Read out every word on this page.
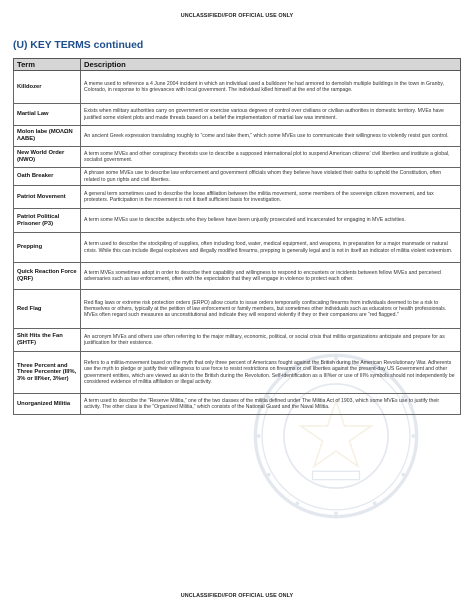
UNCLASSIFIED//FOR OFFICIAL USE ONLY
(U) KEY TERMS continued
Term	Description
Killdozer	A meme used to reference a 4 June 2004 incident in which an individual used a bulldozer he had armored to demolish multiple buildings in the town in Granby, Colorado, in response to his grievances with local government. The individual killed himself at the end of the rampage.
Martial Law	Exists when military authorities carry on government or exercise various degrees of control over civilians or civilian authorities in domestic territory. MVEs have justified some violent plots and made threats based on a belief the implementation of martial law was imminent.
Molon labe (ΜΟΛΩΝ ΛΑΒΕ)	An ancient Greek expression translating roughly to “come and take them,” which some MVEs use to communicate their willingness to violently resist gun control.
New World Order (NWO)	A term some MVEs and other conspiracy theorists use to describe a supposed international plot to suspend American citizens’ civil liberties and institute a global, socialist government.
Oath Breaker	A phrase some MVEs use to describe law enforcement and government officials whom they believe have violated their oaths to uphold the Constitution, often related to gun rights and civil liberties.
Patriot Movement	A general term sometimes used to describe the loose affiliation between the militia movement, some members of the sovereign citizen movement, and tax protesters. Participation in the movement is not it itself sufficient basis for investigation.
Patriot Political Prisoner (P3)	A term some MVEs use to describe subjects who they believe have been unjustly prosecuted and incarcerated for engaging in MVE activities.
Prepping	A term used to describe the stockpiling of supplies, often including food, water, medical equipment, and weapons, in preparation for a major manmade or natural crisis. While this can include illegal explosives and illegally modified firearms, prepping is generally legal and is not in itself an indicator of militia violent extremism.
Quick Reaction Force (QRF)	A term MVEs sometimes adopt in order to describe their capability and willingness to respond to encounters or incidents between fellow MVEs and perceived adversaries such as law enforcement, often with the expectation that they will engage in violence to protect each other.
Red Flag	Red flag laws or extreme risk protection orders (ERPO) allow courts to issue orders temporarily confiscating firearms from individuals deemed to be a risk to themselves or others, typically at the petition of law enforcement or family members, but sometimes other individuals such as educators or health professionals. MVEs often regard such measures as unconstitutional and indicate they will respond violently if they or their companions are “red flagged.”
Shit Hits the Fan (SHTF)	An acronym MVEs and others use often referring to the major military, economic, political, or social crisis that militia organizations anticipate and prepare for as justification for their existence.
Three Percent and Three Percenter (III%, 3% or III%er, 3%er)	Refers to a militia-movement based on the myth that only three percent of Americans fought against the British during the American Revolutionary War. Adherents use the myth to pledge or justify their willingness to use force to resist restrictions on firearms or civil liberties against the present-day US Government and other government entities, which are viewed as akin to the British during the Revolution. Self-identification as a III%er or use of III% symbols should not independently be considered evidence of militia affiliation or illegal activity.
Unorganized Militia	A term used to describe the “Reserve Militia,” one of the two classes of the militia defined under The Militia Act of 1903, which some MVEs use to justify their activity. The other class is the “Organized Militia,” which consists of the National Guard and the Naval Militia.
UNCLASSIFIED//FOR OFFICIAL USE ONLY
